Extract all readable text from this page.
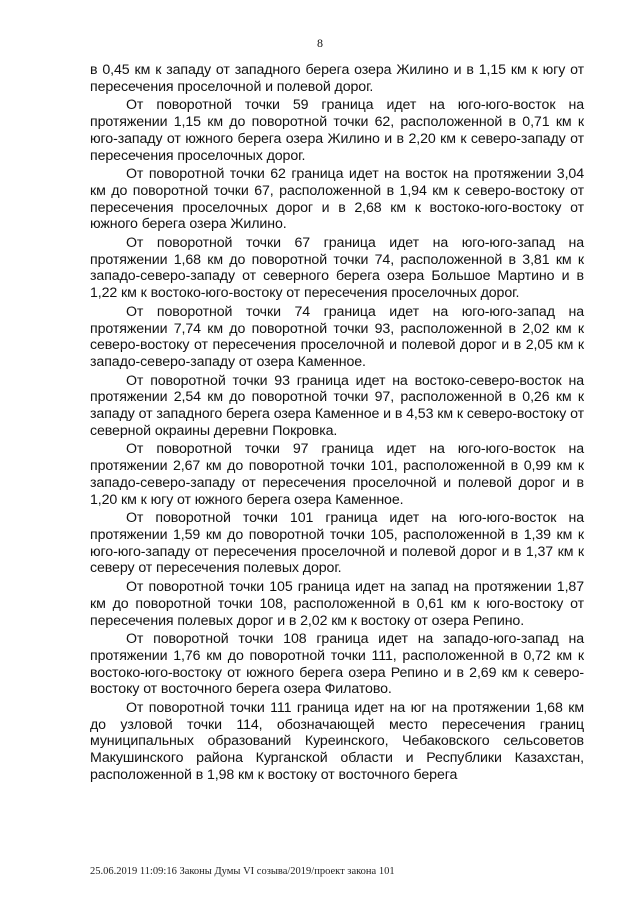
8

в 0,45 км к западу от западного берега озера Жилино и в 1,15 км к югу от пересечения проселочной и полевой дорог.

От поворотной точки 59 граница идет на юго-юго-восток на протяжении 1,15 км до поворотной точки 62, расположенной в 0,71 км к юго-западу от южного берега озера Жилино и в 2,20 км к северо-западу от пересечения проселочных дорог.

От поворотной точки 62 граница идет на восток на протяжении 3,04 км до поворотной точки 67, расположенной в 1,94 км к северо-востоку от пересечения проселочных дорог и в 2,68 км к востоко-юго-востоку от южного берега озера Жилино.

От поворотной точки 67 граница идет на юго-юго-запад на протяжении 1,68 км до поворотной точки 74, расположенной в 3,81 км к западо-северо-западу от северного берега озера Большое Мартино и в 1,22 км к востоко-юго-востоку от пересечения проселочных дорог.

От поворотной точки 74 граница идет на юго-юго-запад на протяжении 7,74 км до поворотной точки 93, расположенной в 2,02 км к северо-востоку от пересечения проселочной и полевой дорог и в 2,05 км к западо-северо-западу от озера Каменное.

От поворотной точки 93 граница идет на востоко-северо-восток на протяжении 2,54 км до поворотной точки 97, расположенной в 0,26 км к западу от западного берега озера Каменное и в 4,53 км к северо-востоку от северной окраины деревни Покровка.

От поворотной точки 97 граница идет на юго-юго-восток на протяжении 2,67 км до поворотной точки 101, расположенной в 0,99 км к западо-северо-западу от пересечения проселочной и полевой дорог и в 1,20 км к югу от южного берега озера Каменное.

От поворотной точки 101 граница идет на юго-юго-восток на протяжении 1,59 км до поворотной точки 105, расположенной в 1,39 км к юго-юго-западу от пересечения проселочной и полевой дорог и в 1,37 км к северу от пересечения полевых дорог.

От поворотной точки 105 граница идет на запад на протяжении 1,87 км до поворотной точки 108, расположенной в 0,61 км к юго-востоку от пересечения полевых дорог и в 2,02 км к востоку от озера Репино.

От поворотной точки 108 граница идет на западо-юго-запад на протяжении 1,76 км до поворотной точки 111, расположенной в 0,72 км к востоко-юго-востоку от южного берега озера Репино и в 2,69 км к северо-востоку от восточного берега озера Филатово.

От поворотной точки 111 граница идет на юг на протяжении 1,68 км до узловой точки 114, обозначающей место пересечения границ муниципальных образований Куреинского, Чебаковского сельсоветов Макушинского района Курганской области и Республики Казахстан, расположенной в 1,98 км к востоку от восточного берега

25.06.2019 11:09:16 Законы Думы VI созыва/2019/проект закона 101
